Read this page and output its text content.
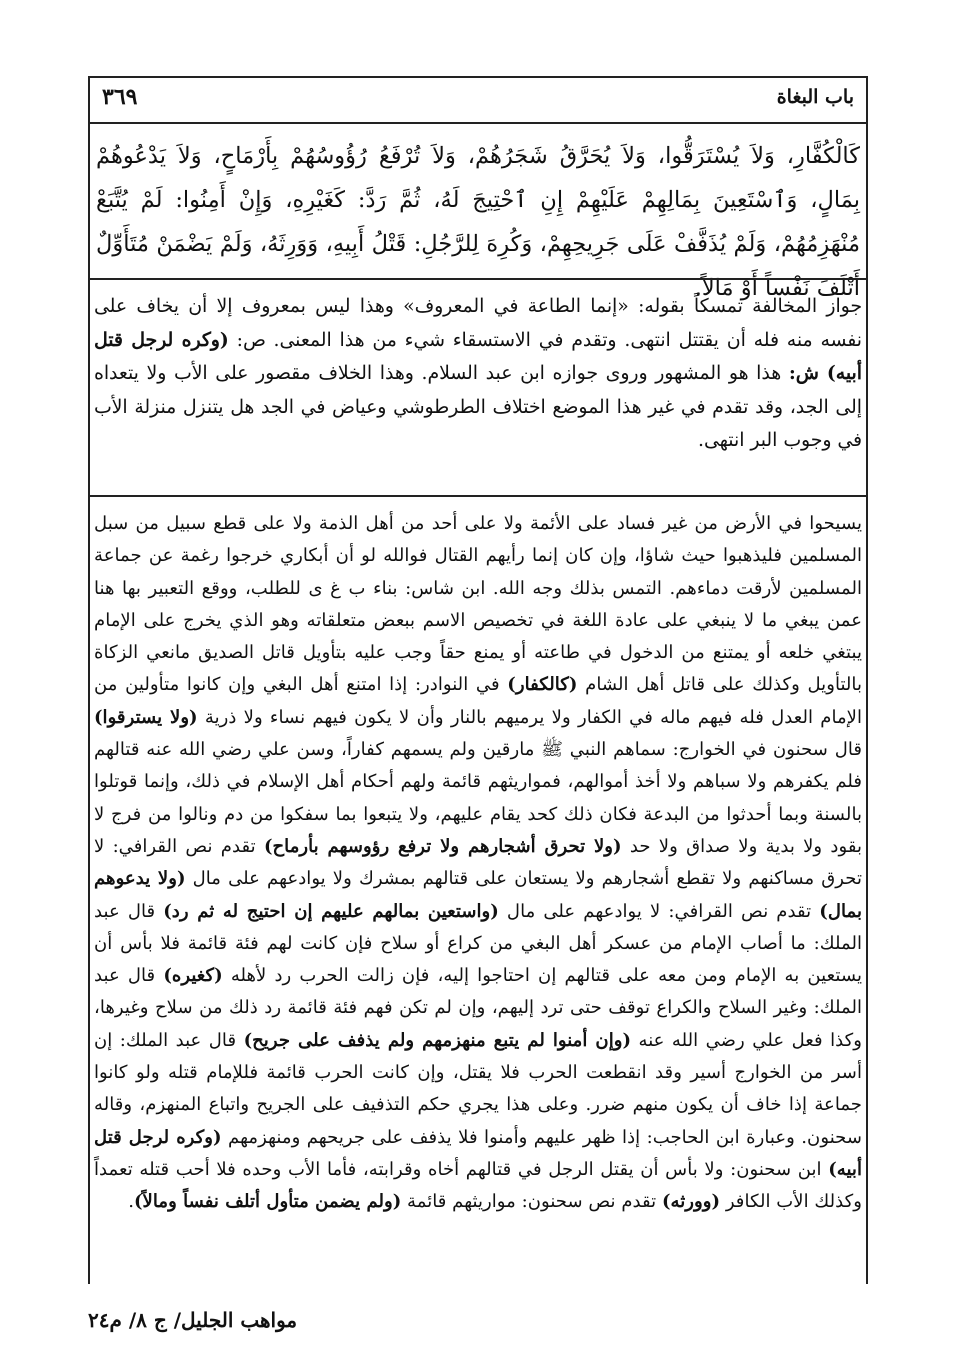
باب البغاة
٣٦٩
كَالْكُفَّارِ، وَلاَ يُسْتَرَقُّوا، وَلاَ يُحَرَّقُ شَجَرُهُمْ، وَلاَ تُرْفَعُ رُؤُوسُهُمْ بِأَرْمَاحٍ، وَلاَ يَدْعُوهُمْ بِمَالٍ، وَٱسْتَعِينَ بِمَالِهِمْ عَلَيْهِمْ إِنِ ٱحْتِيجَ لَهُ، ثُمَّ رَدَّ: كَغَيْرِهِ، وَإِنْ أَمِنُوا: لَمْ يُتَّبَعْ مُنْهَزِمُهُمْ، وَلَمْ يُذَفَّفْ عَلَى جَرِيحِهِمْ، وَكُرِهَ لِلرَّجُلِ: قَتْلُ أَبِيهِ، وَوَرِثَهُ، وَلَمْ يَضْمَنْ مُتَأَوِّلٌ أَتْلَفَ نَفْساً أَوْ مَالاً.
جواز المخالفة تمسكاً بقوله: «إنما الطاعة في المعروف» وهذا ليس بمعروف إلا أن يخاف على نفسه منه فله أن يقتتل انتهى. وتقدم في الاستسقاء شيء من هذا المعنى. ص: (وكره لرجل قتل أبيه) ش: هذا هو المشهور وروى جوازه ابن عبد السلام. وهذا الخلاف مقصور على الأب ولا يتعداه إلى الجد، وقد تقدم في غير هذا الموضع اختلاف الطرطوشي وعياض في الجد هل يتنزل منزلة الأب في وجوب البر انتهى.
يسيحوا في الأرض من غير فساد على الأئمة ولا على أحد من أهل الذمة ولا على قطع سبيل من سبل المسلمين فليذهبوا حيث شاؤا، وإن كان إنما رأيهم القتال فوالله لو أن أبكاري خرجوا رغمة عن جماعة المسلمين لأرقت دماءهم. التمس بذلك وجه الله. ابن شاس: بناء ب غ ى للطلب، ووقع التعبير بها هنا عمن يبغي ما لا ينبغي على عادة اللغة في تخصيص الاسم ببعض متعلقاته وهو الذي يخرج على الإمام يبتغي خلعه أو يمتنع من الدخول في طاعته أو يمنع حقاً وجب عليه بتأويل قاتل الصديق مانعي الزكاة بالتأويل وكذلك على قاتل أهل الشام (كالكفار) في النوادر: إذا امتنع أهل البغي وإن كانوا متأولين من الإمام العدل فله فيهم ماله في الكفار ولا يرميهم بالنار وأن لا يكون فيهم نساء ولا ذرية (ولا يسترقوا) قال سحنون في الخوارج: سماهم النبي ﷺ مارقين ولم يسمهم كفاراً، وسن علي رضي الله عنه قتالهم فلم يكفرهم ولا سباهم ولا أخذ أموالهم، فمواريثهم قائمة ولهم أحكام أهل الإسلام في ذلك، وإنما قوتلوا بالسنة وبما أحدثوا من البدعة فكان ذلك كحد يقام عليهم، ولا يتبعوا بما سفكوا من دم ونالوا من فرج لا بقود ولا بدية ولا صداق ولا حد (ولا تحرق أشجارهم ولا ترفع رؤوسهم بأرماح) تقدم نص القرافي: لا تحرق مساكنهم ولا تقطع أشجارهم ولا يستعان على قتالهم بمشرك ولا يوادعهم على مال (ولا يدعوهم بمال) تقدم نص القرافي: لا يوادعهم على مال (واستعين بمالهم عليهم إن احتيج له ثم رد) قال عبد الملك: ما أصاب الإمام من عسكر أهل البغي من كراع أو سلاح فإن كانت لهم فئة قائمة فلا بأس أن يستعين به الإمام ومن معه على قتالهم إن احتاجوا إليه، فإن زالت الحرب رد لأهله (كغيره) قال عبد الملك: وغير السلاح والكراع توقف حتى ترد إليهم، وإن لم تكن فهم فئة قائمة رد ذلك من سلاح وغيرها، وكذا فعل علي رضي الله عنه (وإن أمنوا لم يتبع منهزمهم ولم يذفف على جريح) قال عبد الملك: إن أسر من الخوارج أسير وقد انقطعت الحرب فلا يقتل، وإن كانت الحرب قائمة فللإمام قتله ولو كانوا جماعة إذا خاف أن يكون منهم ضرر. وعلى هذا يجري حكم التذفيف على الجريح واتباع المنهزم، وقاله سحنون. وعبارة ابن الحاجب: إذا ظهر عليهم وأمنوا فلا يذفف على جريحهم ومنهزمهم (وكره لرجل قتل أبيه) ابن سحنون: ولا بأس أن يقتل الرجل في قتالهم أخاه وقرابته، فأما الأب وحده فلا أحب قتله تعمداً وكذلك الأب الكافر (وورثه) تقدم نص سحنون: مواريثهم قائمة (ولم يضمن متأول أتلف نفساً ومالاً).
مواهب الجليل/ ج ٨/ م٢٤
